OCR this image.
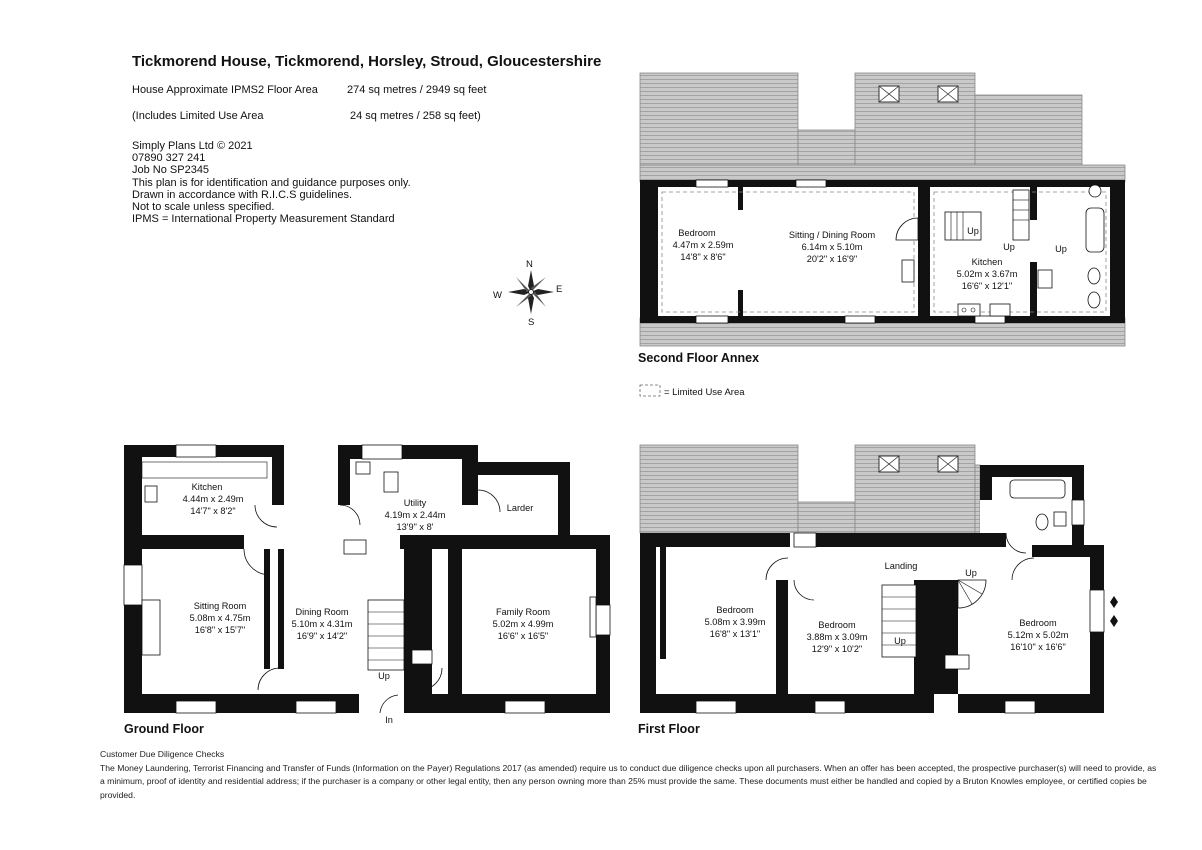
Tickmorend House, Tickmorend, Horsley, Stroud, Gloucestershire
House Approximate IPMS2 Floor Area	274 sq metres / 2949 sq feet
(Includes Limited Use Area	24 sq metres / 258 sq feet)
Simply Plans Ltd © 2021
07890 327 241
Job No SP2345
This plan is for identification and guidance purposes only.
Drawn in accordance with R.I.C.S guidelines.
Not to scale unless specified.
IPMS = International Property Measurement Standard
N
E
S
W
Bedroom
4.47m x 2.59m
14'8" x 8'6"
Sitting / Dining Room
6.14m x 5.10m
20'2" x 16'9"	Kitchen
5.02m x 3.67m
16'6" x 12'1"
Up
Up	Up
Second Floor Annex
= Limited Use Area
Kitchen
4.44m x 2.49m
14'7" x 8'2"
Utility
4.19m x 2.44m
13'9" x 8'
Larder
Sitting Room
5.08m x 4.75m
16'8" x 15'7"
Dining Room
5.10m x 4.31m
16'9" x 14'2"
Family Room
5.02m x 4.99m
16'6" x 16'5"
Up
In
Ground Floor
Bedroom
5.08m x 3.99m
16'8" x 13'1"
Bedroom
3.88m x 3.09m
12'9" x 10'2"
Bedroom
5.12m x 5.02m
16'10" x 16'6"
Landing
Up
Up
First Floor
Customer Due Diligence Checks
The Money Laundering, Terrorist Financing and Transfer of Funds (Information on the Payer) Regulations 2017 (as amended) require us to conduct due diligence checks upon all purchasers. When an offer has been accepted, the prospective purchaser(s) will need to provide, as a minimum, proof of identity and residential address; if the purchaser is a company or other legal entity, then any person owning more than 25% must provide the same. These documents must either be handled and copied by a Bruton Knowles employee, or certified copies be provided.
